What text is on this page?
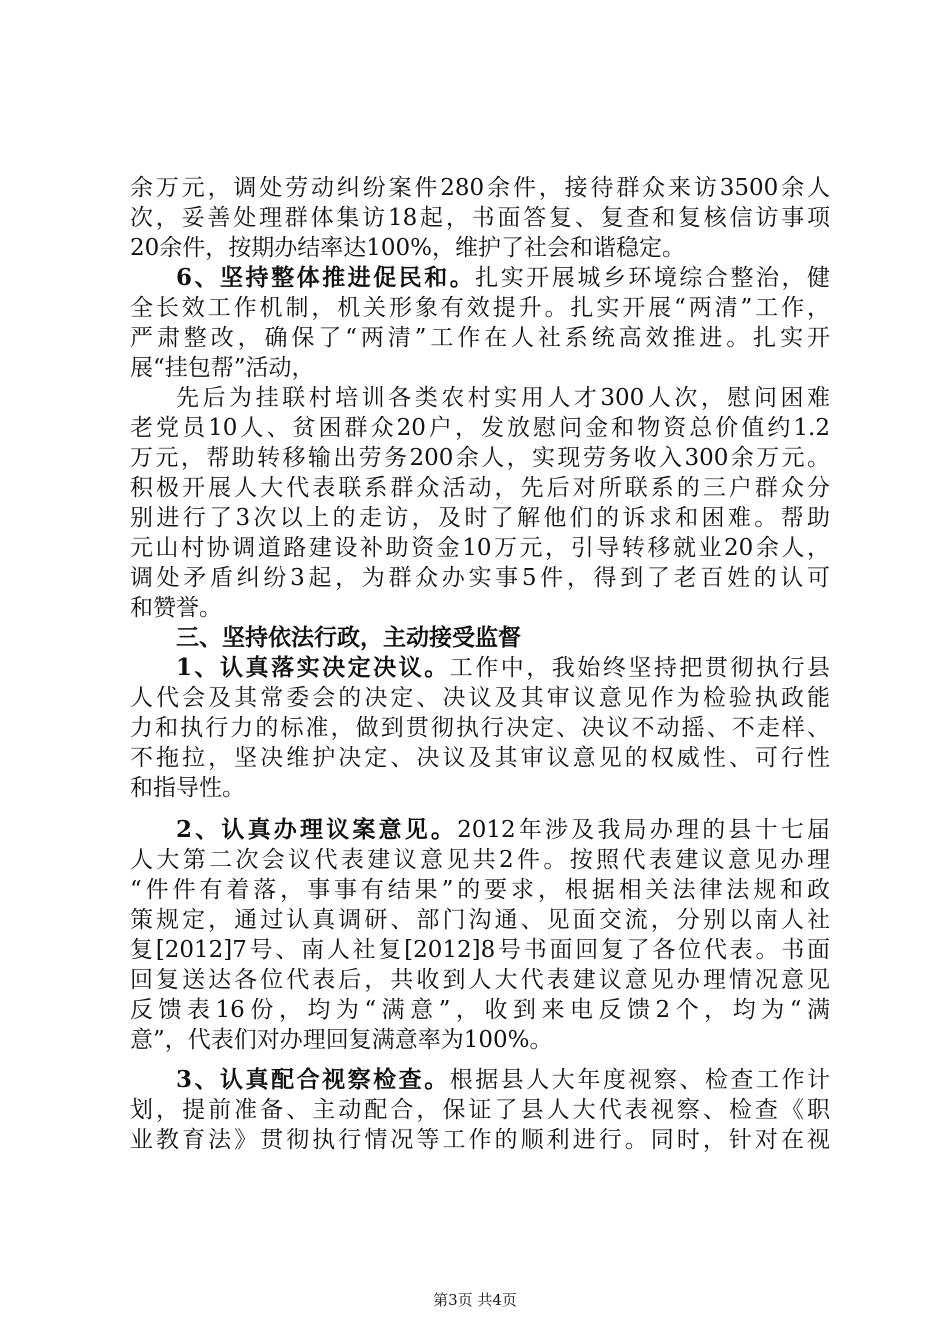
余万元，调处劳动纠纷案件280余件，接待群众来访3500余人
次，妥善处理群体集访18起，书面答复、复查和复核信访事项
20余件，按期办结率达100%，维护了社会和谐稳定。
6、坚持整体推进促民和。扎实开展城乡环境综合整治，健
全长效工作机制，机关形象有效提升。扎实开展“两清”工作，
严肃整改，确保了“两清”工作在人社系统高效推进。扎实开
展“挂包帮”活动，
先后为挂联村培训各类农村实用人才300人次，慰问困难
老党员10人、贫困群众20户，发放慰问金和物资总价值约1.2
万元，帮助转移输出劳务200余人，实现劳务收入300余万元。
积极开展人大代表联系群众活动，先后对所联系的三户群众分
别进行了3次以上的走访，及时了解他们的诉求和困难。帮助
元山村协调道路建设补助资金10万元，引导转移就业20余人，
调处矛盾纠纷3起，为群众办实事5件，得到了老百姓的认可
和赞誉。
三、坚持依法行政，主动接受监督
1、认真落实决定决议。工作中，我始终坚持把贯彻执行县
人代会及其常委会的决定、决议及其审议意见作为检验执政能
力和执行力的标准，做到贯彻执行决定、决议不动摇、不走样、
不拖拉，坚决维护决定、决议及其审议意见的权威性、可行性
和指导性。
2、认真办理议案意见。2012年涉及我局办理的县十七届
人大第二次会议代表建议意见共2件。按照代表建议意见办理
“件件有着落，事事有结果”的要求，根据相关法律法规和政
策规定，通过认真调研、部门沟通、见面交流，分别以南人社
复[2012]7号、南人社复[2012]8号书面回复了各位代表。书面
回复送达各位代表后，共收到人大代表建议意见办理情况意见
反馈表16份，均为“满意”，收到来电反馈2个，均为“满
意”，代表们对办理回复满意率为100%。
3、认真配合视察检查。根据县人大年度视察、检查工作计
划，提前准备、主动配合，保证了县人大代表视察、检查《职
业教育法》贯彻执行情况等工作的顺利进行。同时，针对在视
第3页 共4页
